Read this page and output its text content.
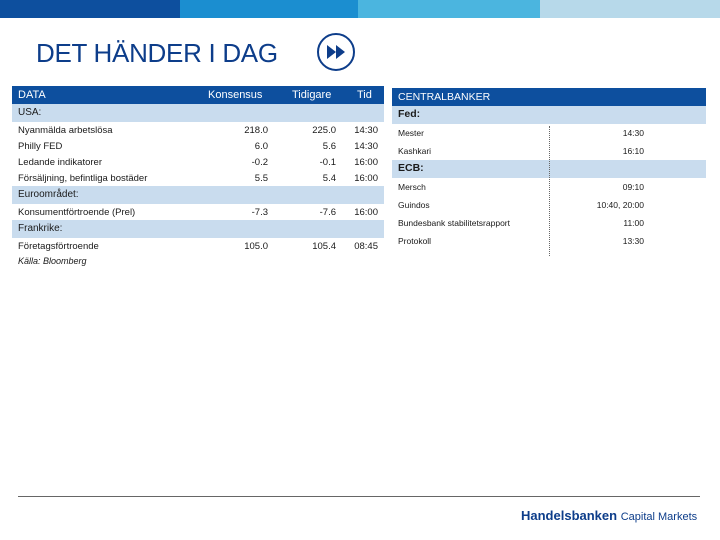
DET HÄNDER I DAG
DATA	Konsensus	Tidigare Tid
USA:
Nyanmälda arbetslösa	218.0	225.0	14:30
Philly FED	6.0	5.6	14:30
Ledande indikatorer	-0.2	-0.1	16:00
Försäljning, befintliga bostäder	5.5	5.4	16:00
Euroområdet:
Konsumentförtroende (Prel)	-7.3	-7.6	16:00
Frankrike:
Företagsförtroende	105.0	105.4	08:45
Källa: Bloomberg
CENTRALBANKER
Fed:
Mester	14:30
Kashkari	16:10
ECB:
Mersch	09:10
Guindos	10:40, 20:00
Bundesbank stabilitetsrapport	11:00
Protokoll	13:30
Handelsbanken Capital Markets
